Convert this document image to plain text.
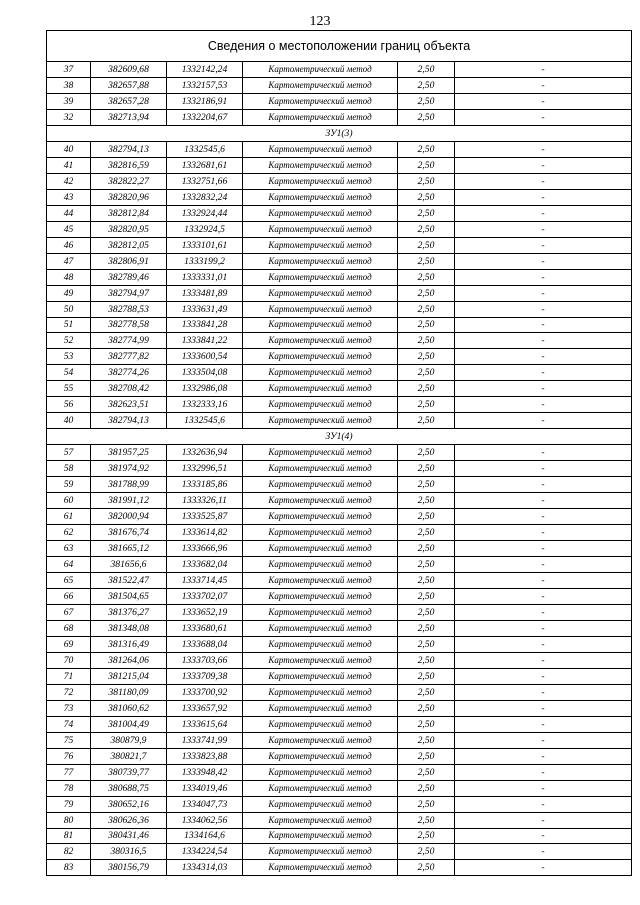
123
Сведения о местоположении границ объекта					
37	382609,68	1332142,24	Картометрический метод	2,50	-
38	382657,88	1332157,53	Картометрический метод	2,50	-
39	382657,28	1332186,91	Картометрический метод	2,50	-
32	382713,94	1332204,67	Картометрический метод	2,50	-
ЗУ1(3)					
40	382794,13	1332545,6	Картометрический метод	2,50	-
41	382816,59	1332681,61	Картометрический метод	2,50	-
42	382822,27	1332751,66	Картометрический метод	2,50	-
43	382820,96	1332832,24	Картометрический метод	2,50	-
44	382812,84	1332924,44	Картометрический метод	2,50	-
45	382820,95	1332924,5	Картометрический метод	2,50	-
46	382812,05	1333101,61	Картометрический метод	2,50	-
47	382806,91	1333199,2	Картометрический метод	2,50	-
48	382789,46	1333331,01	Картометрический метод	2,50	-
49	382794,97	1333481,89	Картометрический метод	2,50	-
50	382788,53	1333631,49	Картометрический метод	2,50	-
51	382778,58	1333841,28	Картометрический метод	2,50	-
52	382774,99	1333841,22	Картометрический метод	2,50	-
53	382777,82	1333600,54	Картометрический метод	2,50	-
54	382774,26	1333504,08	Картометрический метод	2,50	-
55	382708,42	1332986,08	Картометрический метод	2,50	-
56	382623,51	1332333,16	Картометрический метод	2,50	-
40	382794,13	1332545,6	Картометрический метод	2,50	-
ЗУ1(4)					
57	381957,25	1332636,94	Картометрический метод	2,50	-
58	381974,92	1332996,51	Картометрический метод	2,50	-
59	381788,99	1333185,86	Картометрический метод	2,50	-
60	381991,12	1333326,11	Картометрический метод	2,50	-
61	382000,94	1333525,87	Картометрический метод	2,50	-
62	381676,74	1333614,82	Картометрический метод	2,50	-
63	381665,12	1333666,96	Картометрический метод	2,50	-
64	381656,6	1333682,04	Картометрический метод	2,50	-
65	381522,47	1333714,45	Картометрический метод	2,50	-
66	381504,65	1333702,07	Картометрический метод	2,50	-
67	381376,27	1333652,19	Картометрический метод	2,50	-
68	381348,08	1333680,61	Картометрический метод	2,50	-
69	381316,49	1333688,04	Картометрический метод	2,50	-
70	381264,06	1333703,66	Картометрический метод	2,50	-
71	381215,04	1333709,38	Картометрический метод	2,50	-
72	381180,09	1333700,92	Картометрический метод	2,50	-
73	381060,62	1333657,92	Картометрический метод	2,50	-
74	381004,49	1333615,64	Картометрический метод	2,50	-
75	380879,9	1333741,99	Картометрический метод	2,50	-
76	380821,7	1333823,88	Картометрический метод	2,50	-
77	380739,77	1333948,42	Картометрический метод	2,50	-
78	380688,75	1334019,46	Картометрический метод	2,50	-
79	380652,16	1334047,73	Картометрический метод	2,50	-
80	380626,36	1334062,56	Картометрический метод	2,50	-
81	380431,46	1334164,6	Картометрический метод	2,50	-
82	380316,5	1334224,54	Картометрический метод	2,50	-
83	380156,79	1334314,03	Картометрический метод	2,50	-
